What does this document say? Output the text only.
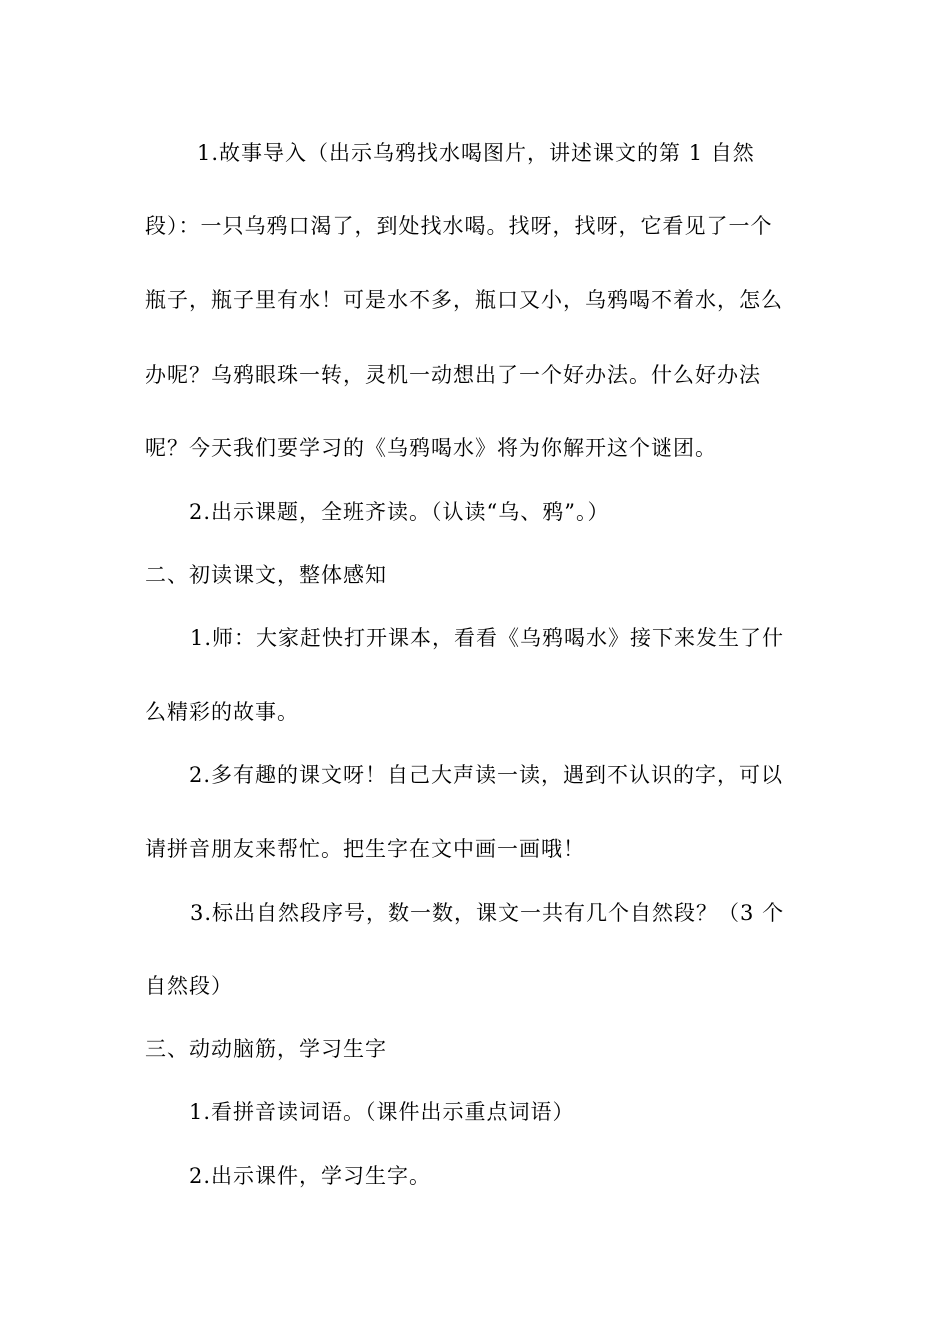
1.故事导入（出示乌鸦找水喝图片，讲述课文的第 1 自然
段）：一只乌鸦口渴了，到处找水喝。找呀，找呀，它看见了一个
瓶子，瓶子里有水！可是水不多，瓶口又小，乌鸦喝不着水，怎么
办呢？乌鸦眼珠一转，灵机一动想出了一个好办法。什么好办法
呢？今天我们要学习的《乌鸦喝水》将为你解开这个谜团。
2.出示课题，全班齐读。（认读“乌、鸦”。）
二、初读课文，整体感知
1.师：大家赶快打开课本，看看《乌鸦喝水》接下来发生了什
么精彩的故事。
2.多有趣的课文呀！自己大声读一读，遇到不认识的字，可以
请拼音朋友来帮忙。把生字在文中画一画哦！
3.标出自然段序号，数一数，课文一共有几个自然段？（3 个
自然段）
三、动动脑筋，学习生字
1.看拼音读词语。（课件出示重点词语）
2.出示课件，学习生字。
